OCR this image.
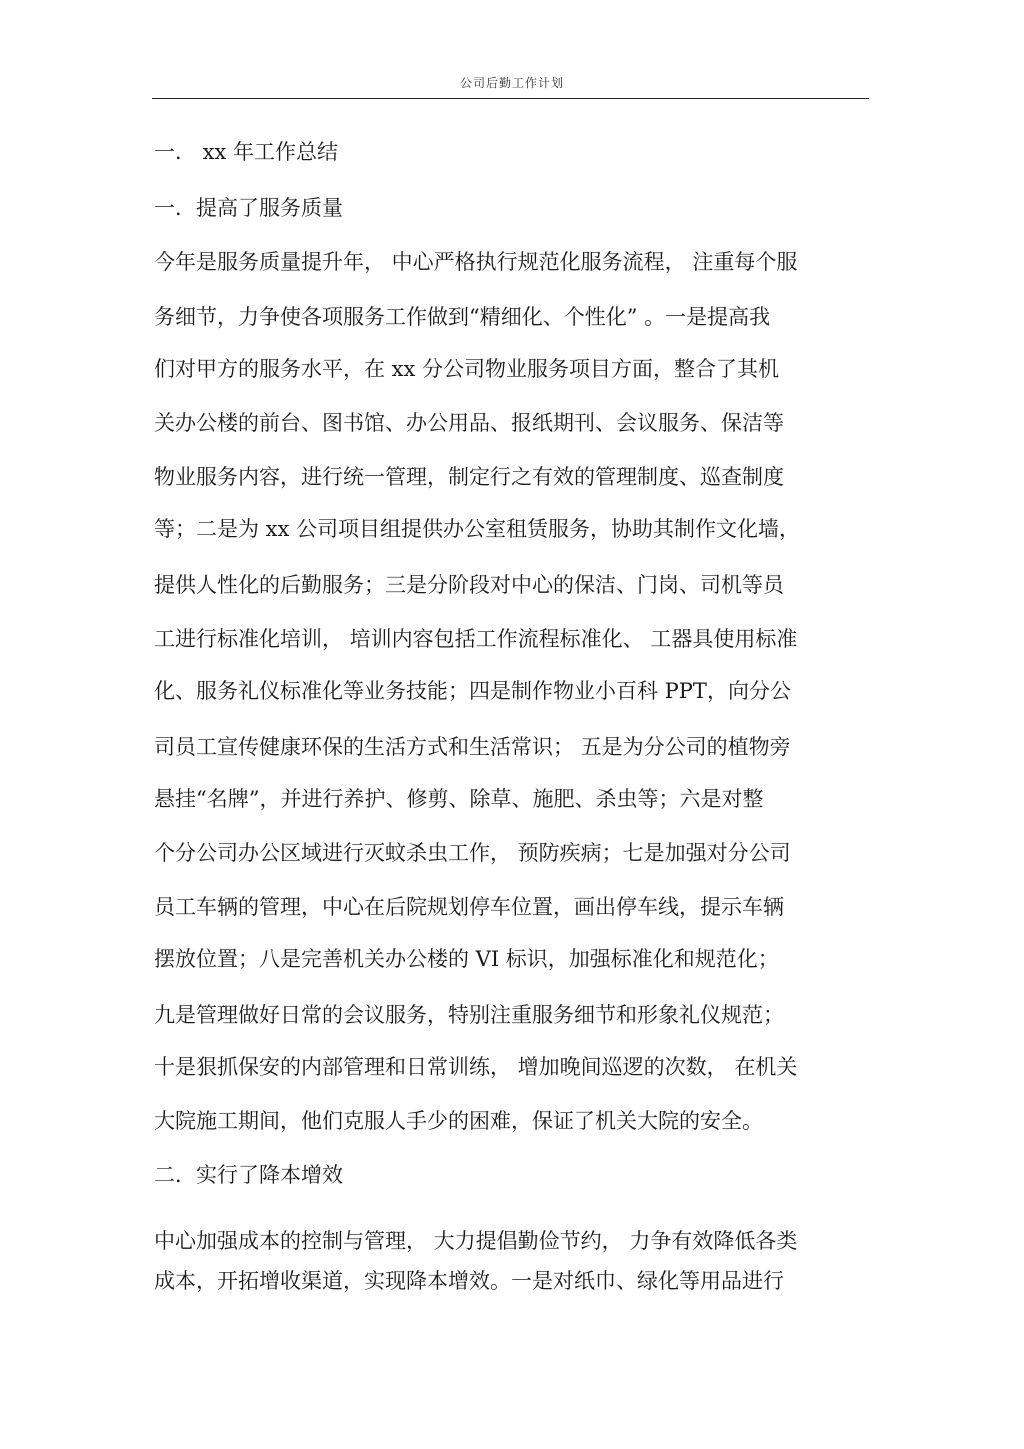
公司后勤工作计划
一． xx 年工作总结
一．提高了服务质量
今年是服务质量提升年， 中心严格执行规范化服务流程， 注重每个服
务细节，力争使各项服务工作做到“精细化、个性化” 。一是提高我
们对甲方的服务水平，在 xx 分公司物业服务项目方面，整合了其机
关办公楼的前台、图书馆、办公用品、报纸期刊、会议服务、保洁等
物业服务内容，进行统一管理，制定行之有效的管理制度、巡查制度
等；二是为 xx 公司项目组提供办公室租赁服务，协助其制作文化墙，
提供人性化的后勤服务；三是分阶段对中心的保洁、门岗、司机等员
工进行标准化培训， 培训内容包括工作流程标准化、 工器具使用标准
化、服务礼仪标准化等业务技能；四是制作物业小百科 PPT，向分公
司员工宣传健康环保的生活方式和生活常识； 五是为分公司的植物旁
悬挂“名牌”，并进行养护、修剪、除草、施肥、杀虫等；六是对整
个分公司办公区域进行灭蚊杀虫工作， 预防疾病；七是加强对分公司
员工车辆的管理，中心在后院规划停车位置，画出停车线，提示车辆
摆放位置；八是完善机关办公楼的 VI 标识，加强标准化和规范化；
九是管理做好日常的会议服务，特别注重服务细节和形象礼仪规范；
十是狠抓保安的内部管理和日常训练， 增加晚间巡逻的次数， 在机关
大院施工期间，他们克服人手少的困难，保证了机关大院的安全。
二．实行了降本增效
中心加强成本的控制与管理， 大力提倡勤俭节约， 力争有效降低各类
成本，开拓增收渠道，实现降本增效。一是对纸巾、绿化等用品进行
